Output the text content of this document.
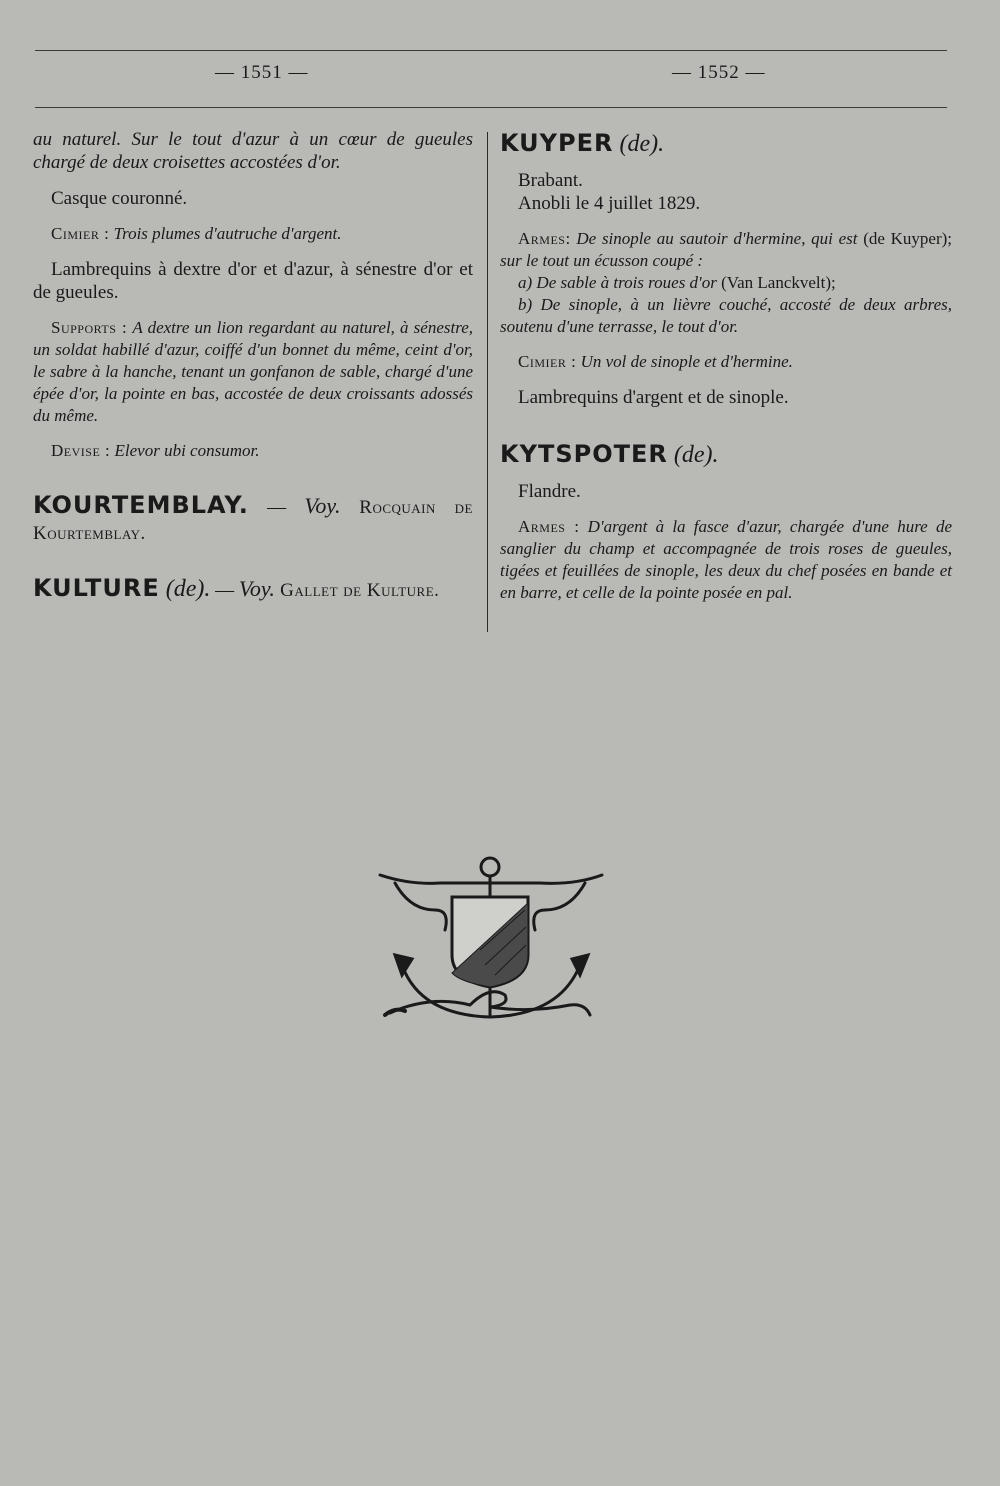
— 1551 —	— 1552 —

au naturel. Sur le tout d'azur à un cœur de gueules chargé de deux croisettes accostées d'or.

Casque couronné.

Cimier : Trois plumes d'autruche d'argent.

Lambrequins à dextre d'or et d'azur, à sénestre d'or et de gueules.

Supports : A dextre un lion regardant au naturel, à sénestre, un soldat habillé d'azur, coiffé d'un bonnet du même, ceint d'or, le sabre à la hanche, tenant un gonfanon de sable, chargé d'une épée d'or, la pointe en bas, accostée de deux croissants adossés du même.

Devise : Elevor ubi consumor.

KOURTEMBLAY. — Voy. Rocquain de Kourtemblay.

KULTURE (de). — Voy. Gallet de Kulture.

KUYPER (de).

Brabant.

Anobli le 4 juillet 1829.

Armes: De sinople au sautoir d'hermine, qui est (de Kuyper); sur le tout un écusson coupé :

a) De sable à trois roues d'or (Van Lanckvelt);

b) De sinople, à un lièvre couché, accosté de deux arbres, soutenu d'une terrasse, le tout d'or.

Cimier : Un vol de sinople et d'hermine.

Lambrequins d'argent et de sinople.

KYTSPOTER (de).

Flandre.

Armes : D'argent à la fasce d'azur, chargée d'une hure de sanglier du champ et accompagnée de trois roses de gueules, tigées et feuillées de sinople, les deux du chef posées en bande et en barre, et celle de la pointe posée en pal.
